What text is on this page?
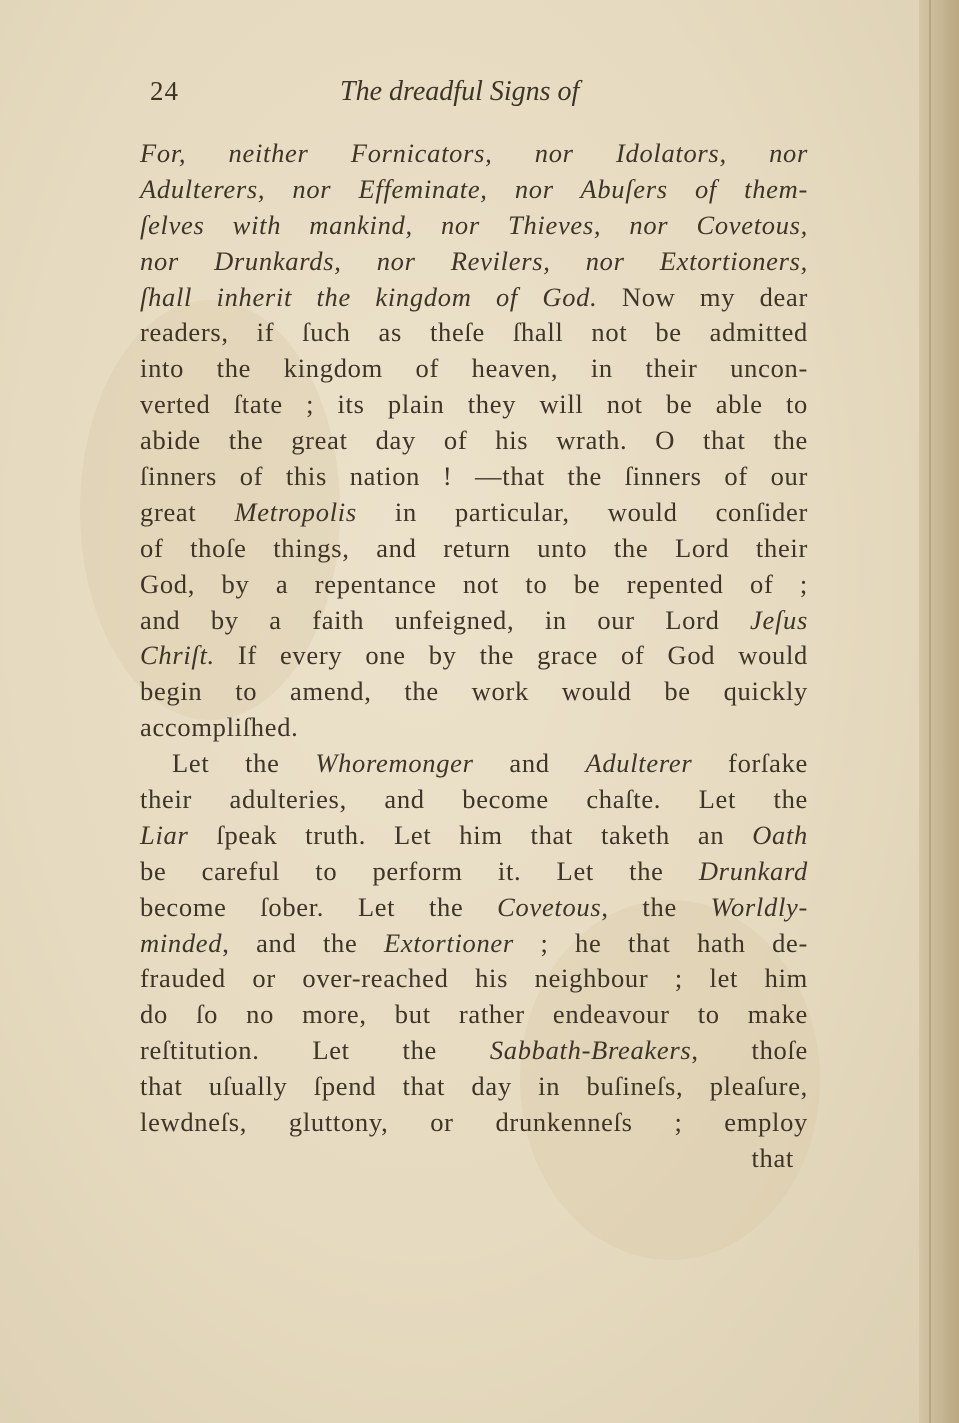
24	The dreadful Signs of
For, neither Fornicators, nor Idolators, nor
Adulterers, nor Effeminate, nor Abuſers of them-
ſelves with mankind, nor Thieves, nor Covetous,
nor Drunkards, nor Revilers, nor Extortioners,
ſhall inherit the kingdom of God. Now my dear
readers, if ſuch as theſe ſhall not be admitted
into the kingdom of heaven, in their uncon-
verted ſtate ; its plain they will not be able to
abide the great day of his wrath. O that the
ſinners of this nation ! —that the ſinners of our
great Metropolis in particular, would conſider
of thoſe things, and return unto the Lord their
God, by a repentance not to be repented of ;
and by a faith unfeigned, in our Lord Jeſus
Chriſt. If every one by the grace of God would
begin to amend, the work would be quickly
accompliſhed.
Let the Whoremonger and Adulterer forſake
their adulteries, and become chaſte. Let the
Liar ſpeak truth. Let him that taketh an Oath
be careful to perform it. Let the Drunkard
become ſober. Let the Covetous, the Worldly-
minded, and the Extortioner ; he that hath de-
frauded or over-reached his neighbour ; let him
do ſo no more, but rather endeavour to make
reſtitution. Let the Sabbath-Breakers, thoſe
that uſually ſpend that day in buſineſs, pleaſure,
lewdneſs, gluttony, or drunkenneſs ; employ
that
